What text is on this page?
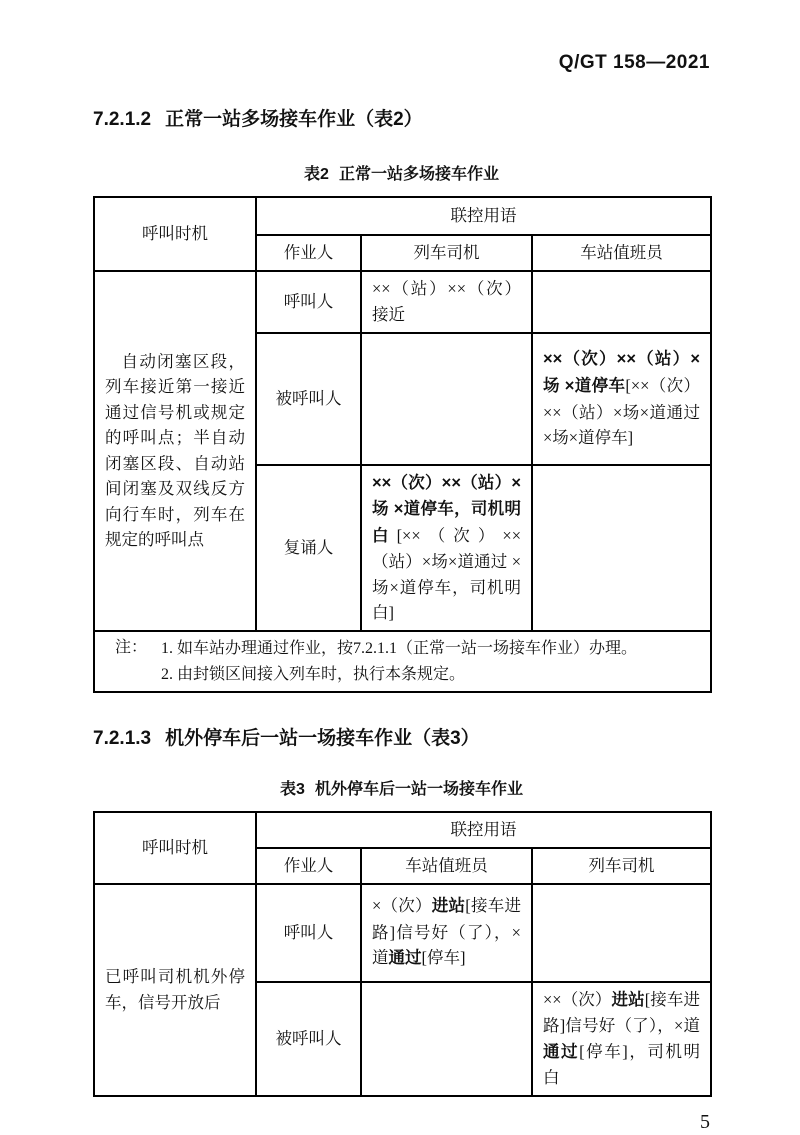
Q/GT 158—2021
7.2.1.2 正常一站多场接车作业（表2）
表2 正常一站多场接车作业
呼叫时机	联控用语		
	作业人	列车司机	车站值班员

自动闭塞区段，列车接近第一接近通过信号机或规定的呼叫点；半自动闭塞区段、自动站间闭塞及双线反方向行车时，列车在规定的呼叫点	呼叫人	××（站）××（次）接近	
	被呼叫人		××（次）××（站）×场 ×道停车[××（次）××（站）×场×道通过 ×场×道停车]
	复诵人	××（次）××（站）×场 ×道停车，司机明白[××（次）××（站）×场×道通过 ×场×道停车，司机明白]	

注： 1. 如车站办理通过作业，按7.2.1.1（正常一站一场接车作业）办理。
2. 由封锁区间接入列车时，执行本条规定。			
7.2.1.3 机外停车后一站一场接车作业（表3）
表3 机外停车后一站一场接车作业
呼叫时机	联控用语		
	作业人	车站值班员	列车司机

已呼叫司机机外停车，信号开放后	呼叫人	×（次）进站[接车进路]信号好（了），×道通过[停车]	
	被呼叫人		××（次）进站[接车进路]信号好（了），×道通过[停车]，司机明白
5
